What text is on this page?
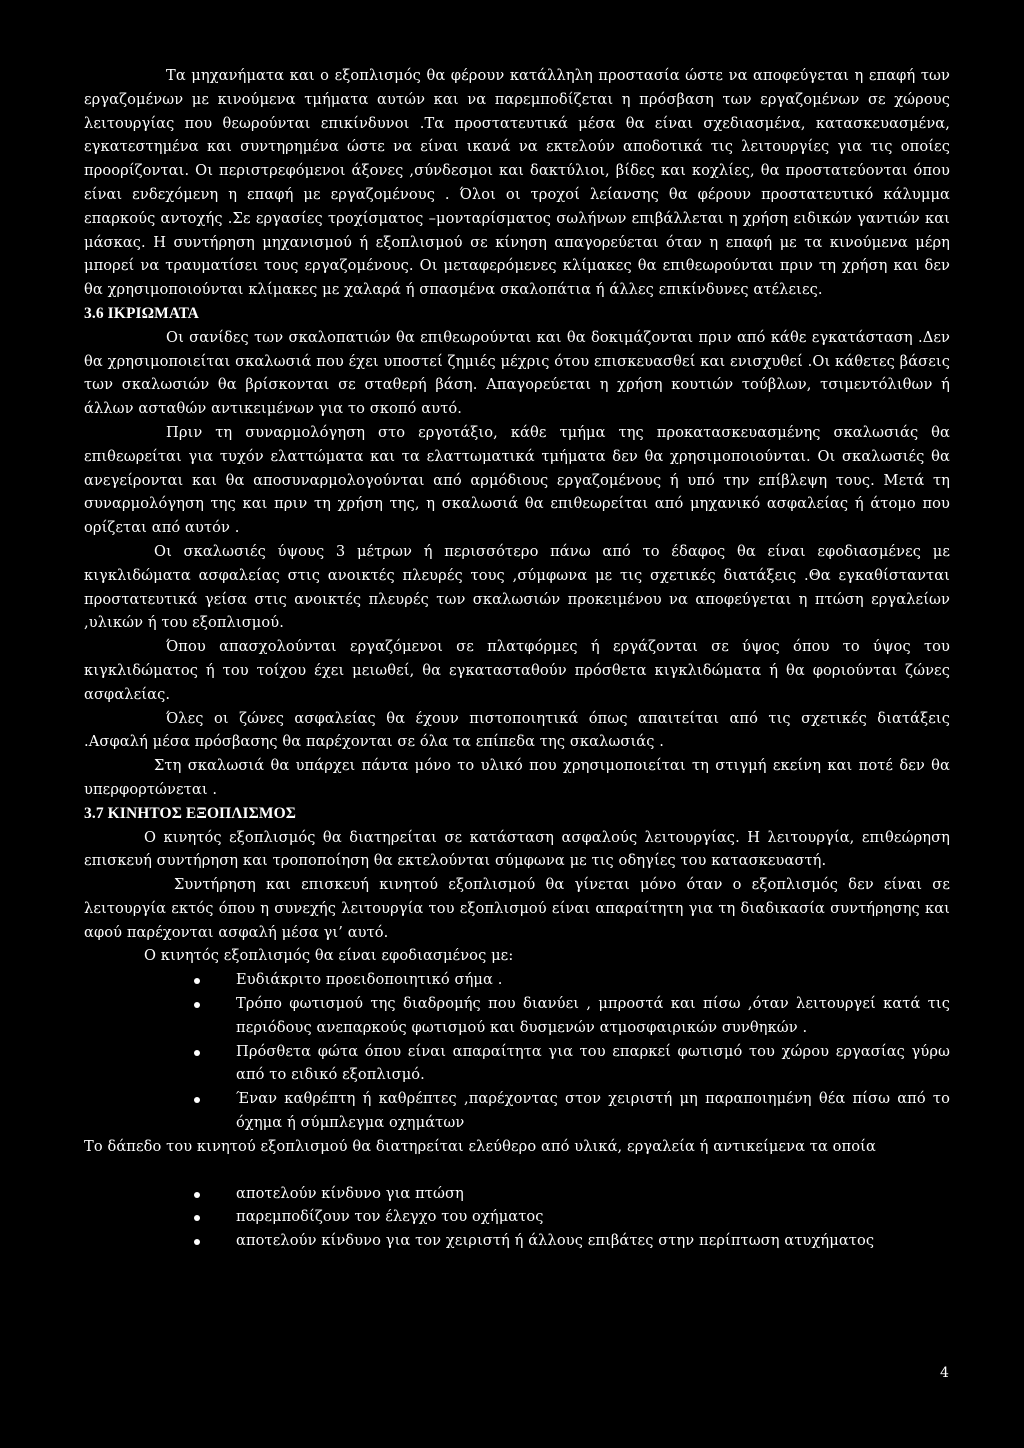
Τα μηχανήματα και ο εξοπλισμός θα φέρουν κατάλληλη προστασία ώστε να αποφεύγεται η επαφή των εργαζομένων με κινούμενα τμήματα αυτών και να παρεμποδίζεται η πρόσβαση των εργαζομένων σε χώρους λειτουργίας που θεωρούνται επικίνδυνοι .Τα προστατευτικά μέσα θα είναι σχεδιασμένα, κατασκευασμένα, εγκατεστημένα και συντηρημένα ώστε να είναι ικανά να εκτελούν αποδοτικά τις λειτουργίες για τις οποίες προορίζονται. Οι περιστρεφόμενοι άξονες ,σύνδεσμοι και δακτύλιοι, βίδες και κοχλίες, θα προστατεύονται όπου είναι ενδεχόμενη η επαφή με εργαζομένους . Όλοι οι τροχοί λείανσης θα φέρουν προστατευτικό κάλυμμα επαρκούς αντοχής .Σε εργασίες τροχίσματος –μονταρίσματος σωλήνων επιβάλλεται η χρήση ειδικών γαντιών και μάσκας. Η συντήρηση μηχανισμού ή εξοπλισμού σε κίνηση απαγορεύεται όταν η επαφή με τα κινούμενα μέρη μπορεί να τραυματίσει τους εργαζομένους. Οι μεταφερόμενες κλίμακες θα επιθεωρούνται πριν τη χρήση και δεν θα χρησιμοποιούνται κλίμακες με χαλαρά ή σπασμένα σκαλοπάτια ή άλλες επικίνδυνες ατέλειες.

3.6 ΙΚΡΙΩΜΑΤΑ

Οι σανίδες των σκαλοπατιών θα επιθεωρούνται και θα δοκιμάζονται πριν από κάθε εγκατάσταση .Δεν θα χρησιμοποιείται σκαλωσιά που έχει υποστεί ζημιές μέχρις ότου επισκευασθεί και ενισχυθεί .Οι κάθετες βάσεις των σκαλωσιών θα βρίσκονται σε σταθερή βάση. Απαγορεύεται η χρήση κουτιών τούβλων, τσιμεντόλιθων ή άλλων ασταθών αντικειμένων για το σκοπό αυτό.

Πριν τη συναρμολόγηση στο εργοτάξιο, κάθε τμήμα της προκατασκευασμένης σκαλωσιάς θα επιθεωρείται για τυχόν ελαττώματα και τα ελαττωματικά τμήματα δεν θα χρησιμοποιούνται. Οι σκαλωσιές θα ανεγείρονται και θα αποσυναρμολογούνται από αρμόδιους εργαζομένους ή υπό την επίβλεψη τους. Μετά τη συναρμολόγηση της και πριν τη χρήση της, η σκαλωσιά θα επιθεωρείται από μηχανικό ασφαλείας ή άτομο που ορίζεται από αυτόν .

Οι σκαλωσιές ύψους 3 μέτρων ή περισσότερο πάνω από το έδαφος θα είναι εφοδιασμένες με κιγκλιδώματα ασφαλείας στις ανοικτές πλευρές τους ,σύμφωνα με τις σχετικές διατάξεις .Θα εγκαθίστανται προστατευτικά γείσα στις ανοικτές πλευρές των σκαλωσιών προκειμένου να αποφεύγεται η πτώση εργαλείων ,υλικών ή του εξοπλισμού.

Όπου απασχολούνται εργαζόμενοι σε πλατφόρμες ή εργάζονται σε ύψος όπου το ύψος του κιγκλιδώματος ή του τοίχου έχει μειωθεί, θα εγκατασταθούν πρόσθετα κιγκλιδώματα ή θα φοριούνται ζώνες ασφαλείας.

Όλες οι ζώνες ασφαλείας θα έχουν πιστοποιητικά όπως απαιτείται από τις σχετικές διατάξεις .Ασφαλή μέσα πρόσβασης θα παρέχονται σε όλα τα επίπεδα της σκαλωσιάς .

Στη σκαλωσιά θα υπάρχει πάντα μόνο το υλικό που χρησιμοποιείται τη στιγμή εκείνη και ποτέ δεν θα υπερφορτώνεται .

3.7 ΚΙΝΗΤΟΣ ΕΞΟΠΛΙΣΜΟΣ

Ο κινητός εξοπλισμός θα διατηρείται σε κατάσταση ασφαλούς λειτουργίας. Η λειτουργία, επιθεώρηση επισκευή συντήρηση και τροποποίηση θα εκτελούνται σύμφωνα με τις οδηγίες του κατασκευαστή.

Συντήρηση και επισκευή κινητού εξοπλισμού θα γίνεται μόνο όταν ο εξοπλισμός δεν είναι σε λειτουργία εκτός όπου η συνεχής λειτουργία του εξοπλισμού είναι απαραίτητη για τη διαδικασία συντήρησης και αφού παρέχονται ασφαλή μέσα γι’ αυτό.

Ο κινητός εξοπλισμός θα είναι εφοδιασμένος με:

Ευδιάκριτο προειδοποιητικό σήμα .
Τρόπο φωτισμού της διαδρομής που διανύει , μπροστά και πίσω ,όταν λειτουργεί κατά τις περιόδους ανεπαρκούς φωτισμού και δυσμενών ατμοσφαιρικών συνθηκών .
Πρόσθετα φώτα όπου είναι απαραίτητα για του επαρκεί φωτισμό του χώρου εργασίας γύρω από το ειδικό εξοπλισμό.
Έναν καθρέπτη ή καθρέπτες ,παρέχοντας στον χειριστή μη παραποιημένη θέα πίσω από το όχημα ή σύμπλεγμα οχημάτων

Το δάπεδο του κινητού εξοπλισμού θα διατηρείται ελεύθερο από υλικά, εργαλεία ή αντικείμενα τα οποία

αποτελούν κίνδυνο για πτώση
παρεμποδίζουν τον έλεγχο του οχήματος
αποτελούν κίνδυνο για τον χειριστή ή άλλους επιβάτες στην περίπτωση ατυχήματος
4
